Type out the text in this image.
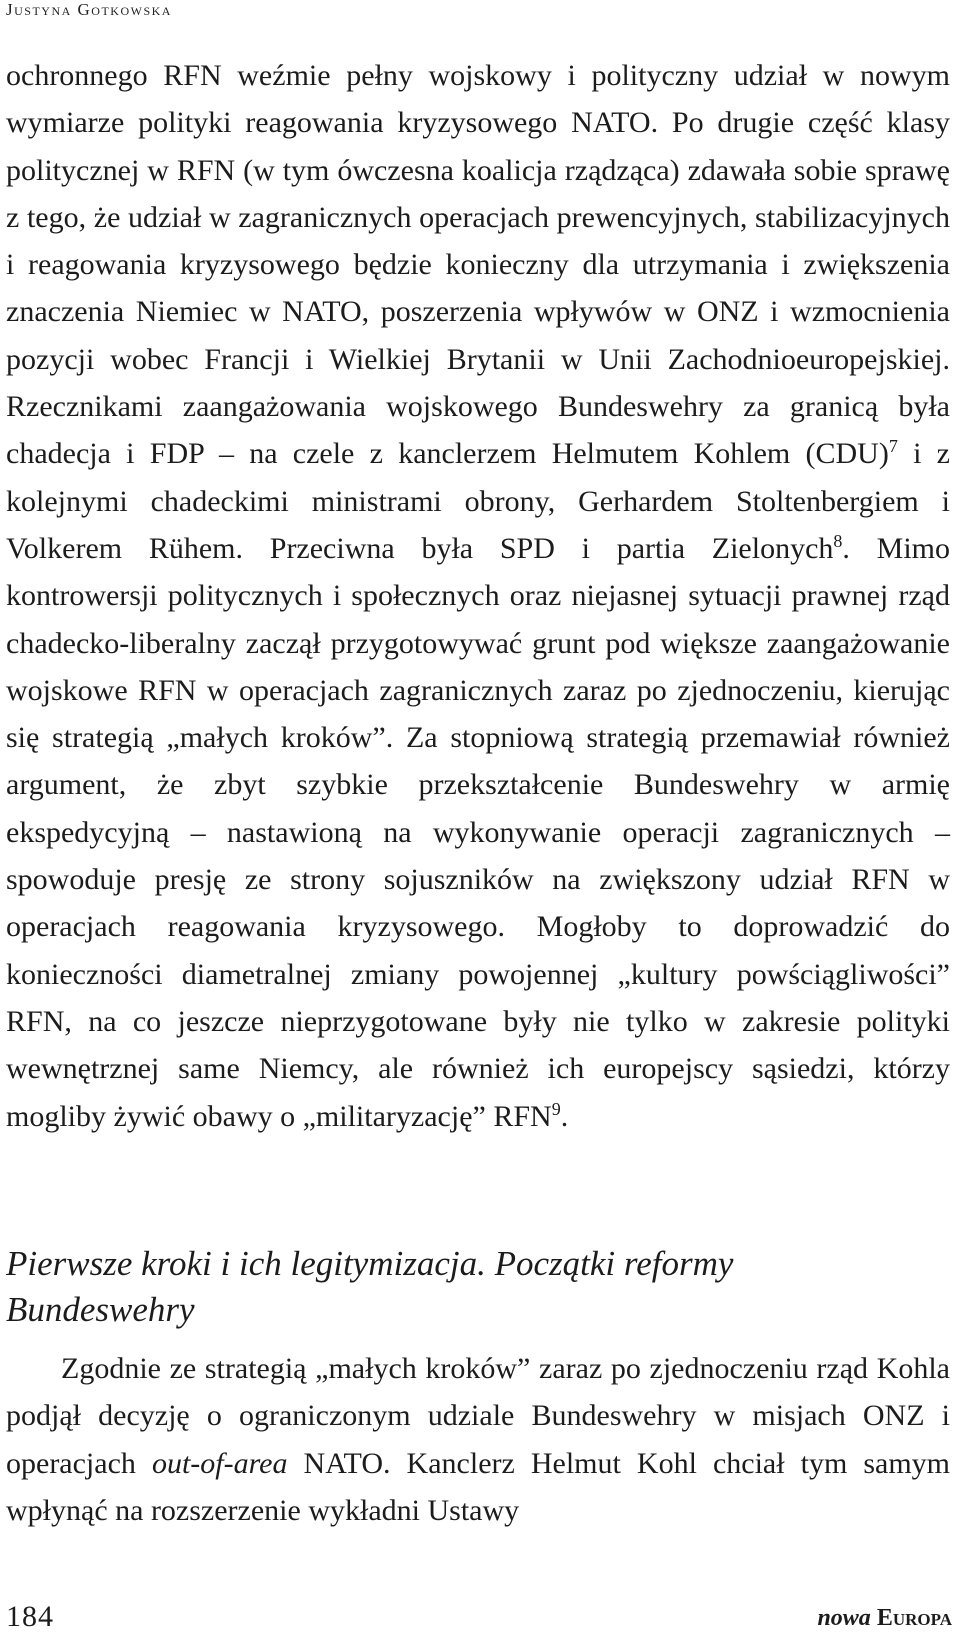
Justyna Gotkowska
ochronnego RFN weźmie pełny wojskowy i polityczny udział w nowym wymiarze polityki reagowania kryzysowego NATO. Po drugie część klasy politycznej w RFN (w tym ówczesna koalicja rządząca) zdawała sobie sprawę z tego, że udział w zagranicznych operacjach prewencyjnych, stabilizacyjnych i reagowania kryzysowego będzie konieczny dla utrzymania i zwiększenia znaczenia Niemiec w NATO, poszerzenia wpływów w ONZ i wzmocnienia pozycji wobec Francji i Wielkiej Brytanii w Unii Zachodnioeuropejskiej. Rzecznikami zaangażowania wojskowego Bundeswehry za granicą była chadecja i FDP – na czele z kanclerzem Helmutem Kohlem (CDU)$^7$ i z kolejnymi chadeckimi ministrami obrony, Gerhardem Stoltenbergiem i Volkerem Rühem. Przeciwna była SPD i partia Zielonych$^8$. Mimo kontrowersji politycznych i społecznych oraz niejasnej sytuacji prawnej rząd chadecko-liberalny zaczął przygotowywać grunt pod większe zaangażowanie wojskowe RFN w operacjach zagranicznych zaraz po zjednoczeniu, kierując się strategią „małych kroków”. Za stopniową strategią przemawiał również argument, że zbyt szybkie przekształcenie Bundeswehry w armię ekspedycyjną – nastawioną na wykonywanie operacji zagranicznych – spowoduje presję ze strony sojuszników na zwiększony udział RFN w operacjach reagowania kryzysowego. Mogłoby to doprowadzić do konieczności diametralnej zmiany powojennej „kultury powściągliwości” RFN, na co jeszcze nieprzygotowane były nie tylko w zakresie polityki wewnętrznej same Niemcy, ale również ich europejscy sąsiedzi, którzy mogliby żywić obawy o „militaryzację” RFN$^9$.
Pierwsze kroki i ich legitymizacja. Początki reformy Bundeswehry
Zgodnie ze strategią „małych kroków” zaraz po zjednoczeniu rząd Kohla podjął decyzję o ograniczonym udziale Bundeswehry w misjach ONZ i operacjach out-of-area NATO. Kanclerz Helmut Kohl chciał tym samym wpłynąć na rozszerzenie wykładni Ustawy
184	nowa Europa
